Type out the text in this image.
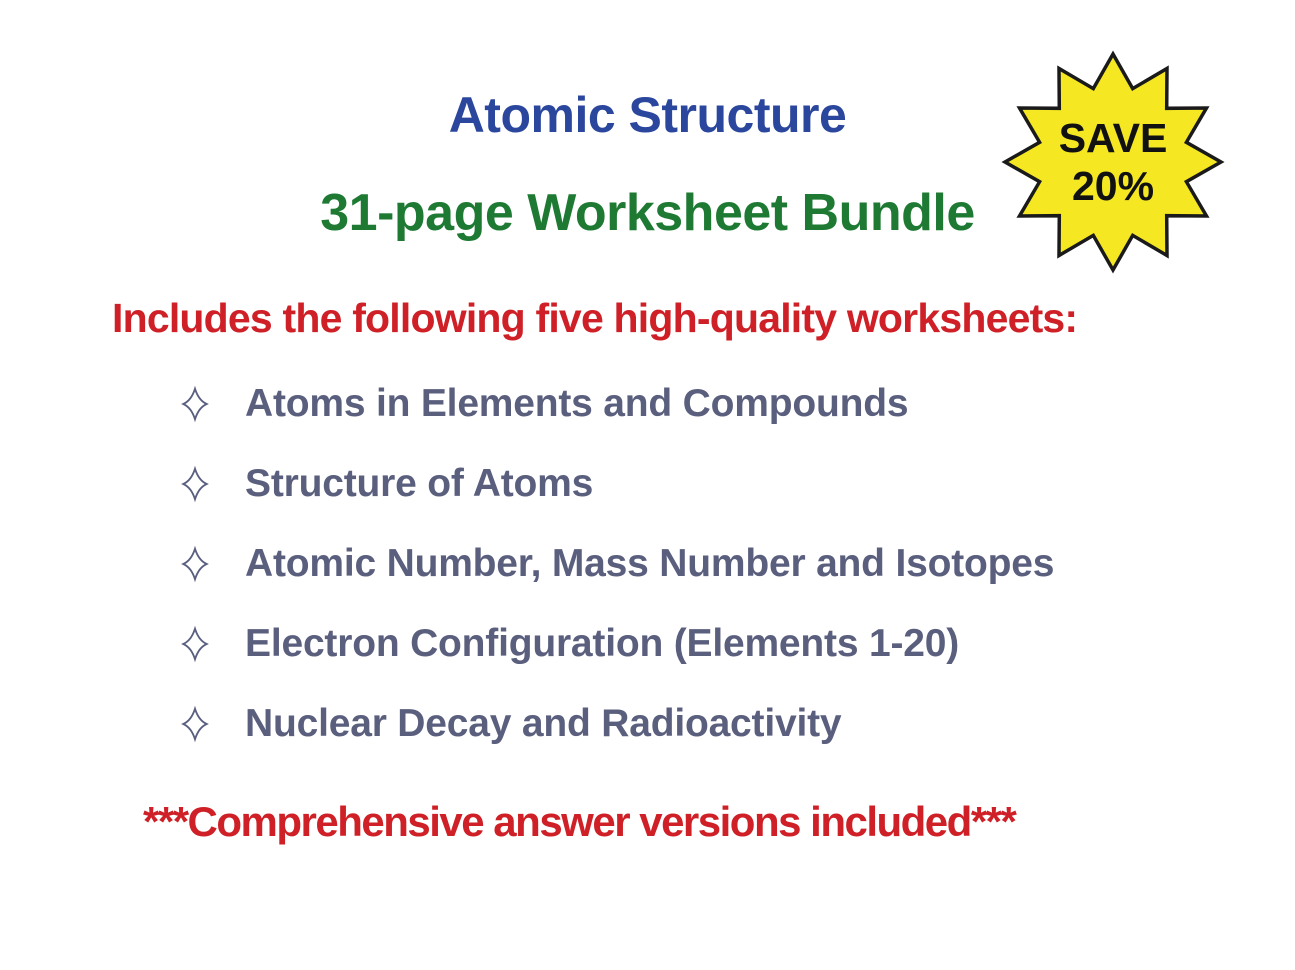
Atomic Structure
31-page Worksheet Bundle
SAVE
20%
Includes the following five high-quality worksheets:
Atoms in Elements and Compounds
Structure of Atoms
Atomic Number, Mass Number and Isotopes
Electron Configuration (Elements 1-20)
Nuclear Decay and Radioactivity
***Comprehensive answer versions included***
